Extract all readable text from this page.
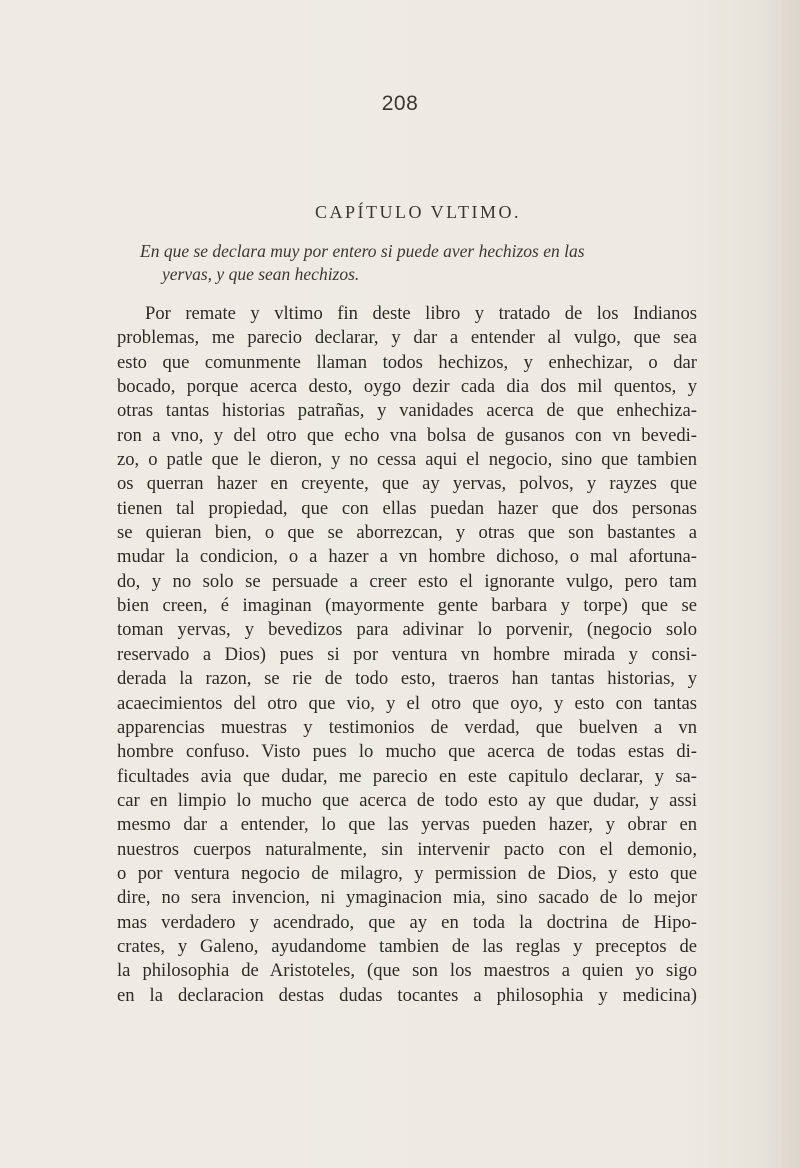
208
CAPÍTULO VLTIMO.
En que se declara muy por entero si puede aver hechizos en las
yervas, y que sean hechizos.
Por remate y vltimo fin deste libro y tratado de los Indianos
problemas, me parecio declarar, y dar a entender al vulgo, que sea
esto que comunmente llaman todos hechizos, y enhechizar, o dar
bocado, porque acerca desto, oygo dezir cada dia dos mil quentos, y
otras tantas historias patrañas, y vanidades acerca de que enhechiza-
ron a vno, y del otro que echo vna bolsa de gusanos con vn bevedi-
zo, o patle que le dieron, y no cessa aqui el negocio, sino que tambien
os querran hazer en creyente, que ay yervas, polvos, y rayzes que
tienen tal propiedad, que con ellas puedan hazer que dos personas
se quieran bien, o que se aborrezcan, y otras que son bastantes a
mudar la condicion, o a hazer a vn hombre dichoso, o mal afortuna-
do, y no solo se persuade a creer esto el ignorante vulgo, pero tam
bien creen, é imaginan (mayormente gente barbara y torpe) que se
toman yervas, y bevedizos para adivinar lo porvenir, (negocio solo
reservado a Dios) pues si por ventura vn hombre mirada y consi-
derada la razon, se rie de todo esto, traeros han tantas historias, y
acaecimientos del otro que vio, y el otro que oyo, y esto con tantas
apparencias muestras y testimonios de verdad, que buelven a vn
hombre confuso. Visto pues lo mucho que acerca de todas estas di-
ficultades avia que dudar, me parecio en este capitulo declarar, y sa-
car en limpio lo mucho que acerca de todo esto ay que dudar, y assi
mesmo dar a entender, lo que las yervas pueden hazer, y obrar en
nuestros cuerpos naturalmente, sin intervenir pacto con el demonio,
o por ventura negocio de milagro, y permission de Dios, y esto que
dire, no sera invencion, ni ymaginacion mia, sino sacado de lo mejor
mas verdadero y acendrado, que ay en toda la doctrina de Hipo-
crates, y Galeno, ayudandome tambien de las reglas y preceptos de
la philosophia de Aristoteles, (que son los maestros a quien yo sigo
en la declaracion destas dudas tocantes a philosophia y medicina)
